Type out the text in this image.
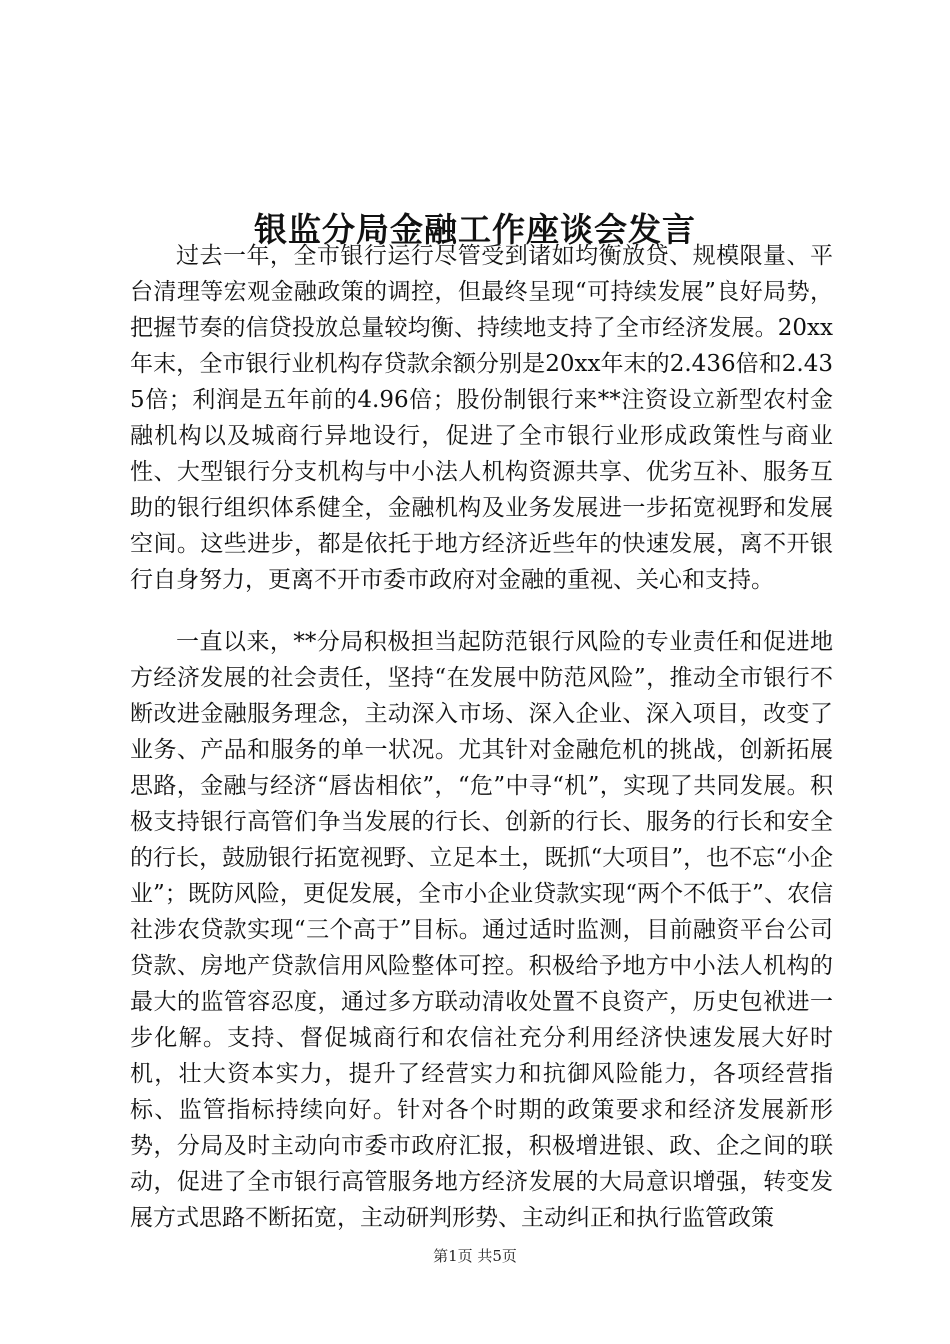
银监分局金融工作座谈会发言

过去一年，全市银行运行尽管受到诸如均衡放贷、规模限量、平台清理等宏观金融政策的调控，但最终呈现“可持续发展”良好局势，把握节奏的信贷投放总量较均衡、持续地支持了全市经济发展。20xx年末，全市银行业机构存贷款余额分别是20xx年末的2.436倍和2.435倍；利润是五年前的4.96倍；股份制银行来**注资设立新型农村金融机构以及城商行异地设行，促进了全市银行业形成政策性与商业性、大型银行分支机构与中小法人机构资源共享、优劣互补、服务互助的银行组织体系健全，金融机构及业务发展进一步拓宽视野和发展空间。这些进步，都是依托于地方经济近些年的快速发展，离不开银行自身努力，更离不开市委市政府对金融的重视、关心和支持。

一直以来，**分局积极担当起防范银行风险的专业责任和促进地方经济发展的社会责任，坚持“在发展中防范风险”，推动全市银行不断改进金融服务理念，主动深入市场、深入企业、深入项目，改变了业务、产品和服务的单一状况。尤其针对金融危机的挑战，创新拓展思路，金融与经济“唇齿相依”，“危”中寻“机”，实现了共同发展。积极支持银行高管们争当发展的行长、创新的行长、服务的行长和安全的行长，鼓励银行拓宽视野、立足本土，既抓“大项目”，也不忘“小企业”；既防风险，更促发展，全市小企业贷款实现“两个不低于”、农信社涉农贷款实现“三个高于”目标。通过适时监测，目前融资平台公司贷款、房地产贷款信用风险整体可控。积极给予地方中小法人机构的最大的监管容忍度，通过多方联动清收处置不良资产，历史包袱进一步化解。支持、督促城商行和农信社充分利用经济快速发展大好时机，壮大资本实力，提升了经营实力和抗御风险能力，各项经营指标、监管指标持续向好。针对各个时期的政策要求和经济发展新形势，分局及时主动向市委市政府汇报，积极增进银、政、企之间的联动，促进了全市银行高管服务地方经济发展的大局意识增强，转变发展方式思路不断拓宽，主动研判形势、主动纠正和执行监管政策

第1页 共5页
